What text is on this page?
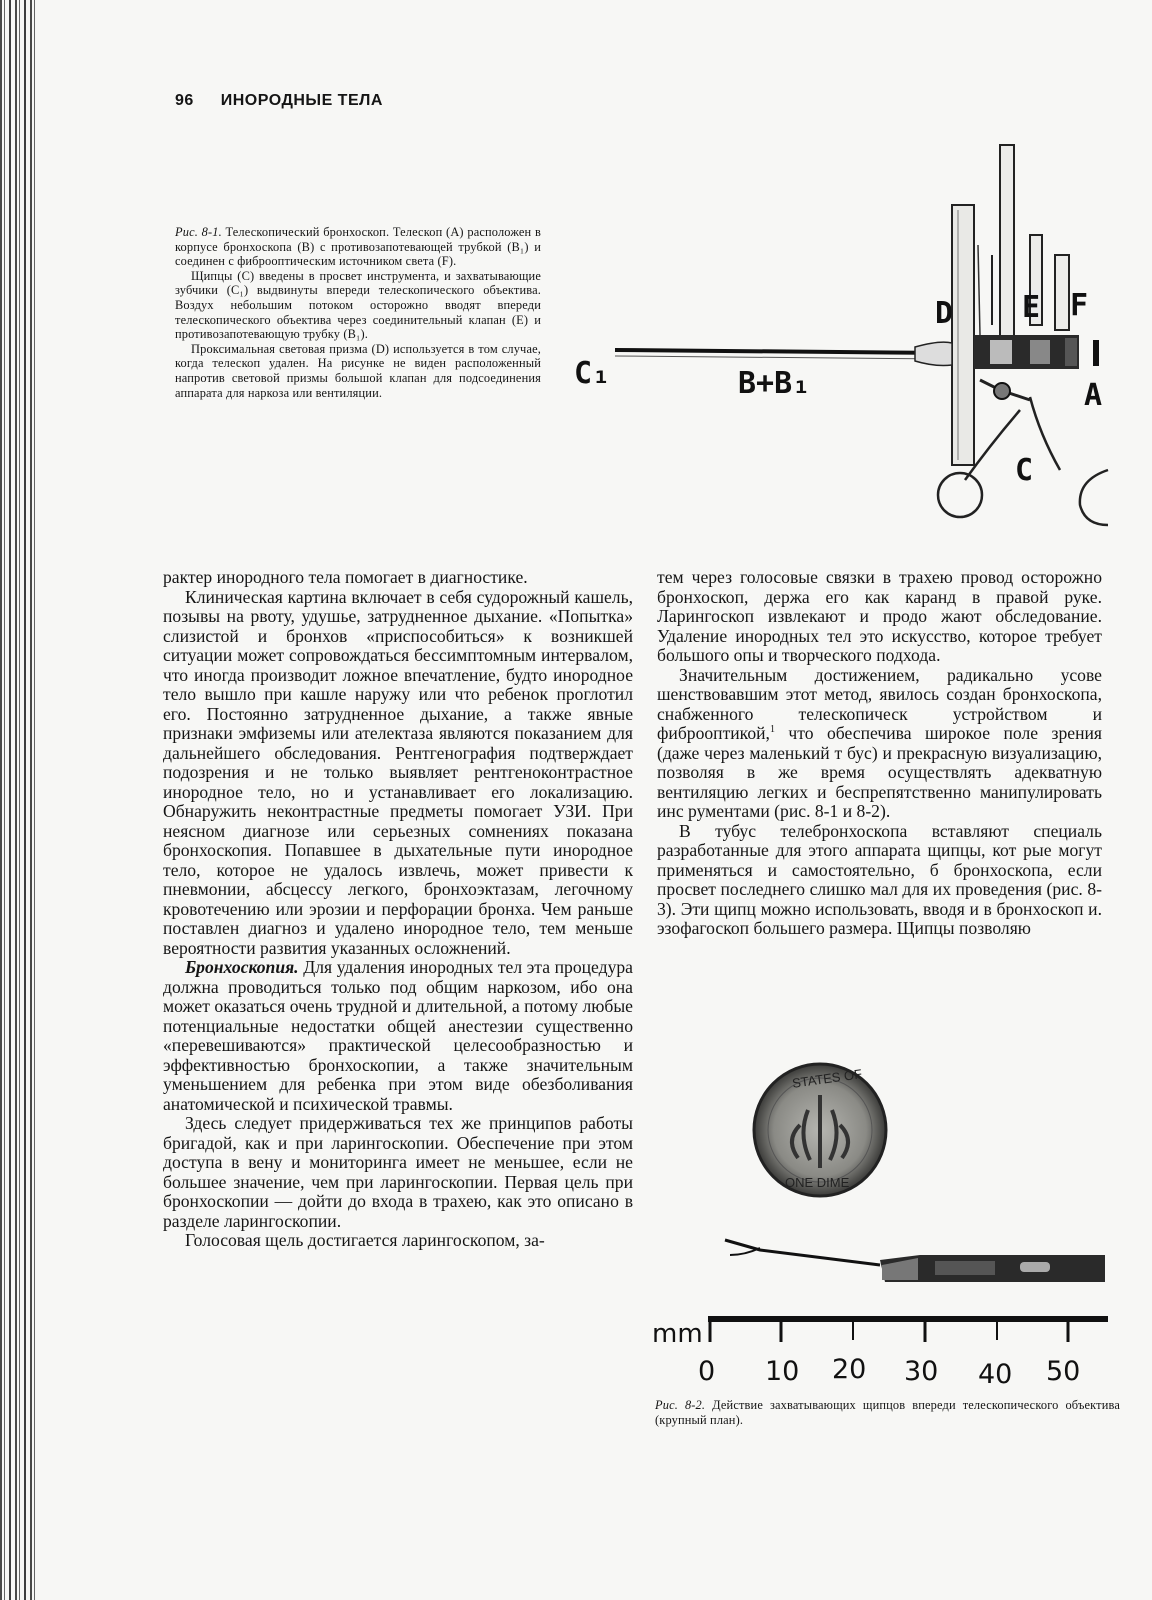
96 ИНОРОДНЫЕ ТЕЛА

Рис. 8-1. Телескопический бронхоскоп. Телескоп (А) расположен в корпусе бронхоскопа (В) с противозапотевающей трубкой (В₁) и соединен с фиброоптическим источником света (F).

Щипцы (С) введены в просвет инструмента, и захватывающие зубчики (C₁) выдвинуты впереди телескопического объектива. Воздух небольшим потоком осторожно вводят впереди телескопического объектива через соединительный клапан (Е) и противозапотевающую трубку (В₁).

Проксимальная световая призма (D) используется в том случае, когда телескоп удален. На рисунке не виден расположенный напротив световой призмы большой клапан для подсоединения аппарата для наркоза или вентиляции.

C₁	B+B₁
D E F
A
C

рактер инородного тела помогает в диагностике.

Клиническая картина включает в себя судорожный кашель, позывы на рвоту, удушье, затрудненное дыхание. «Попытка» слизистой и бронхов «приспособиться» к возникшей ситуации может сопровождаться бессимптомным интервалом, что иногда производит ложное впечатление, будто инородное тело вышло при кашле наружу или что ребенок проглотил его. Постоянно затрудненное дыхание, а также явные признаки эмфиземы или ателектаза являются показанием для дальнейшего обследования. Рентгенография подтверждает подозрения и не только выявляет рентгеноконтрастное инородное тело, но и устанавливает его локализацию. Обнаружить неконтрастные предметы помогает УЗИ. При неясном диагнозе или серьезных сомнениях показана бронхоскопия. Попавшее в дыхательные пути инородное тело, которое не удалось извлечь, может привести к пневмонии, абсцессу легкого, бронхоэктазам, легочному кровотечению или эрозии и перфорации бронха. Чем раньше поставлен диагноз и удалено инородное тело, тем меньше вероятности развития указанных осложнений.

Бронхоскопия. Для удаления инородных тел эта процедура должна проводиться только под общим наркозом, ибо она может оказаться очень трудной и длительной, а потому любые потенциальные недостатки общей анестезии существенно «перевешиваются» практической целесообразностью и эффективностью бронхоскопии, а также значительным уменьшением для ребенка при этом виде обезболивания анатомической и психической травмы.

Здесь следует придерживаться тех же принципов работы бригадой, как и при ларингоскопии. Обеспечение при этом доступа в вену и мониторинга имеет не меньшее, если не большее значение, чем при ларингоскопии. Первая цель при бронхоскопии — дойти до входа в трахею, как это описано в разделе ларингоскопии.

Голосовая щель достигается ларингоскопом, за-

тем через голосовые связки в трахею провод осторожно бронхоскоп, держа его как каранд в правой руке. Ларингоскоп извлекают и продо жают обследование. Удаление инородных тел это искусство, которое требует большого опы и творческого подхода.

Значительным достижением, радикально усове шенствовавшим этот метод, явилось создан бронхоскопа, снабженного телескопическ устройством и фиброоптикой,$^1$ что обеспечива широкое поле зрения (даже через маленький т бус) и прекрасную визуализацию, позволяя в же время осуществлять адекватную вентиляцию легких и беспрепятственно манипулировать инс рументами (рис. 8-1 и 8-2).

В тубус телебронхоскопа вставляют специаль разработанные для этого аппарата щипцы, кот рые могут применяться и самостоятельно, б бронхоскопа, если просвет последнего слишко мал для их проведения (рис. 8-3). Эти щипц можно использовать, вводя и в бронхоскоп и. эзофагоскоп большего размера. Щипцы позволяю

STATES OF
ONE DIME
mm
0 10 20 30 40 50

Рис. 8-2. Действие захватывающих щипцов впереди телескопического объектива (крупный план).
